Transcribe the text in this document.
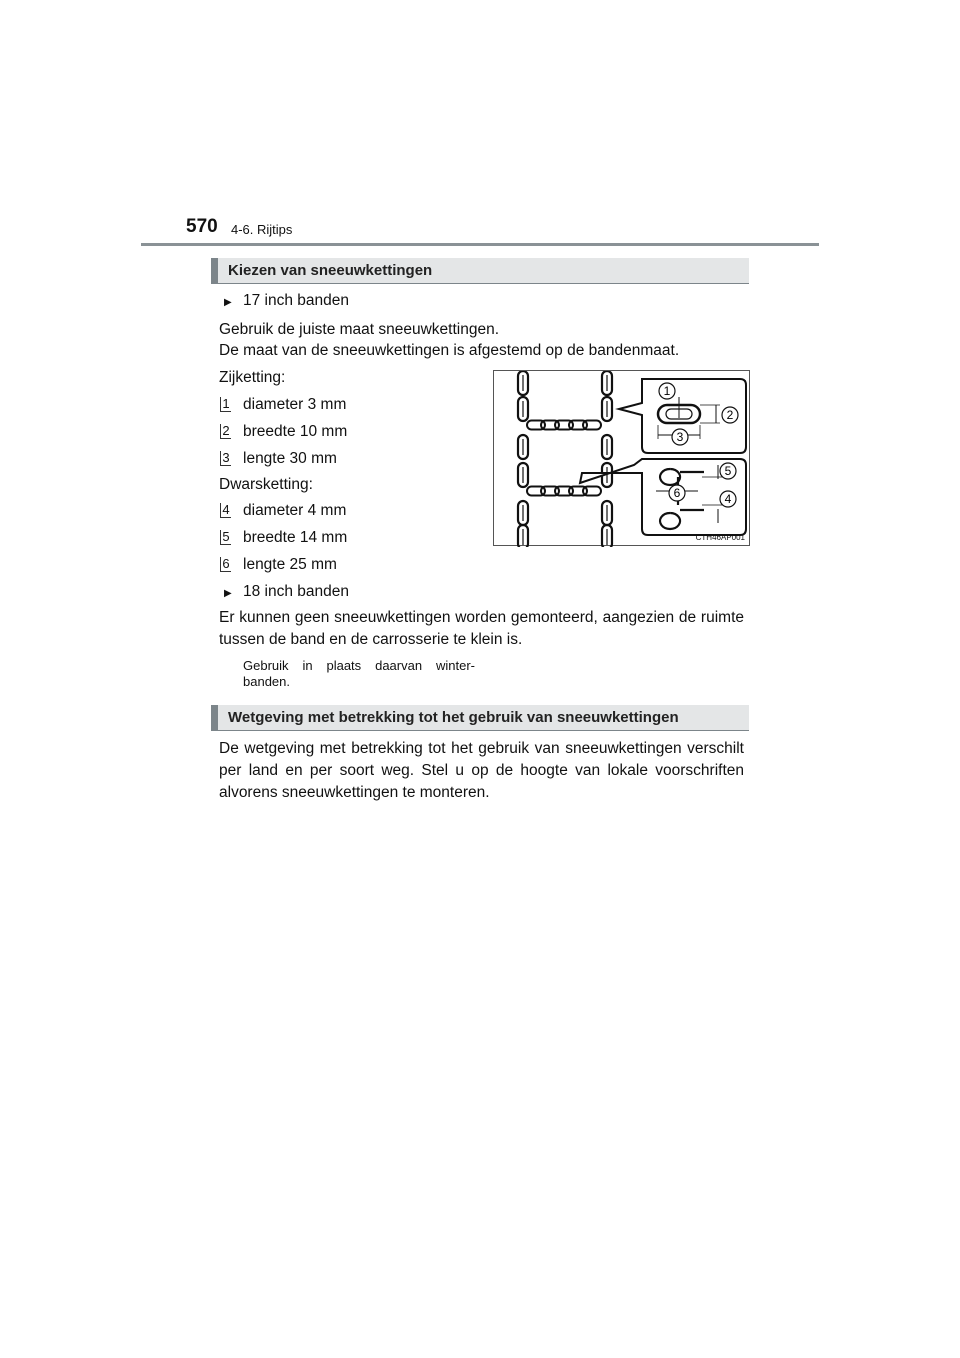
570 4-6. Rijtips
Kiezen van sneeuwkettingen
▶ 17 inch banden
Gebruik de juiste maat sneeuwkettingen.
De maat van de sneeuwkettingen is afgestemd op de bandenmaat.
Zijketting:
1 diameter 3 mm
2 breedte 10 mm
3 lengte 30 mm
Dwarsketting:
4 diameter 4 mm
5 breedte 14 mm
6 lengte 25 mm
▶ 18 inch banden
Er kunnen geen sneeuwkettingen worden gemonteerd, aangezien de ruimte tussen de band en de carrosserie te klein is.
Gebruik in plaats daarvan winter-
banden.
1
2
3
4
5
6
CTH46AP001
Wetgeving met betrekking tot het gebruik van sneeuwkettingen
De wetgeving met betrekking tot het gebruik van sneeuwkettingen verschilt per land en per soort weg. Stel u op de hoogte van lokale voorschriften alvorens sneeuwkettingen te monteren.
